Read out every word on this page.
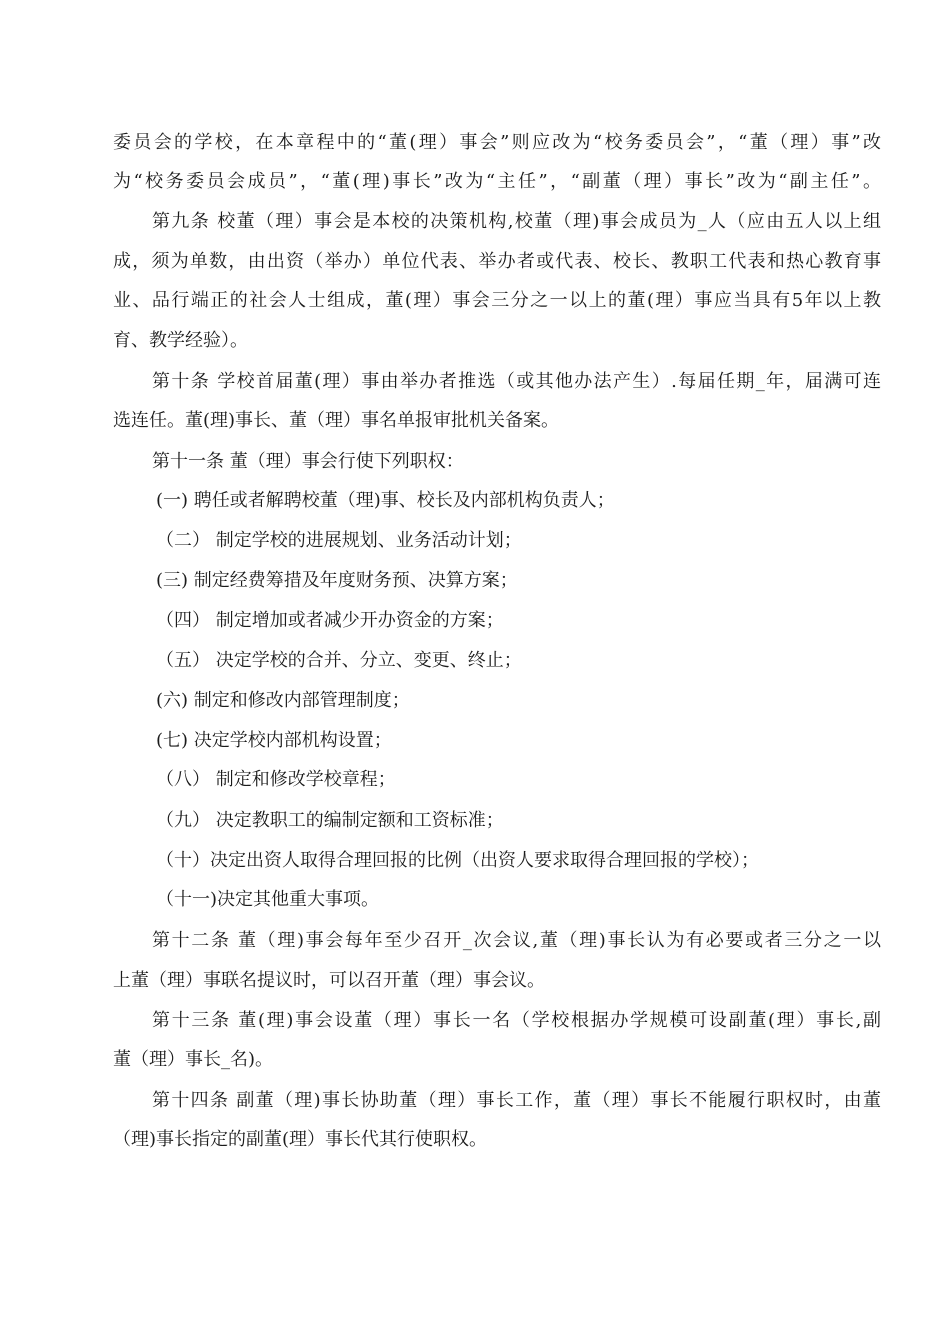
委员会的学校，在本章程中的“董(理）事会”则应改为“校务委员会”，“董（理）事”改
为“校务委员会成员”，“董(理)事长”改为“主任”，“副董（理）事长”改为“副主任”。
第九条 校董（理）事会是本校的决策机构,校董（理)事会成员为_人（应由五人以上组
成，须为单数，由出资（举办）单位代表、举办者或代表、校长、教职工代表和热心教育事
业、品行端正的社会人士组成，董(理）事会三分之一以上的董(理）事应当具有5年以上教
育、教学经验）。
第十条 学校首届董(理）事由举办者推选（或其他办法产生）.每届任期_年，届满可连
选连任。董(理)事长、董（理）事名单报审批机关备案。
第十一条 董（理）事会行使下列职权：
(一) 聘任或者解聘校董（理)事、校长及内部机构负责人；
（二） 制定学校的进展规划、业务活动计划；
(三) 制定经费筹措及年度财务预、决算方案；
（四） 制定增加或者减少开办资金的方案；
（五） 决定学校的合并、分立、变更、终止；
(六) 制定和修改内部管理制度；
(七) 决定学校内部机构设置；
（八） 制定和修改学校章程；
（九） 决定教职工的编制定额和工资标准；
（十）决定出资人取得合理回报的比例（出资人要求取得合理回报的学校）；
（十一)决定其他重大事项。
第十二条 董（理)事会每年至少召开_次会议,董（理)事长认为有必要或者三分之一以
上董（理）事联名提议时，可以召开董（理）事会议。
第十三条 董(理)事会设董（理）事长一名（学校根据办学规模可设副董(理）事长,副
董（理）事长_名)。
第十四条 副董（理)事长协助董（理）事长工作，董（理）事长不能履行职权时，由董
（理)事长指定的副董(理）事长代其行使职权。
